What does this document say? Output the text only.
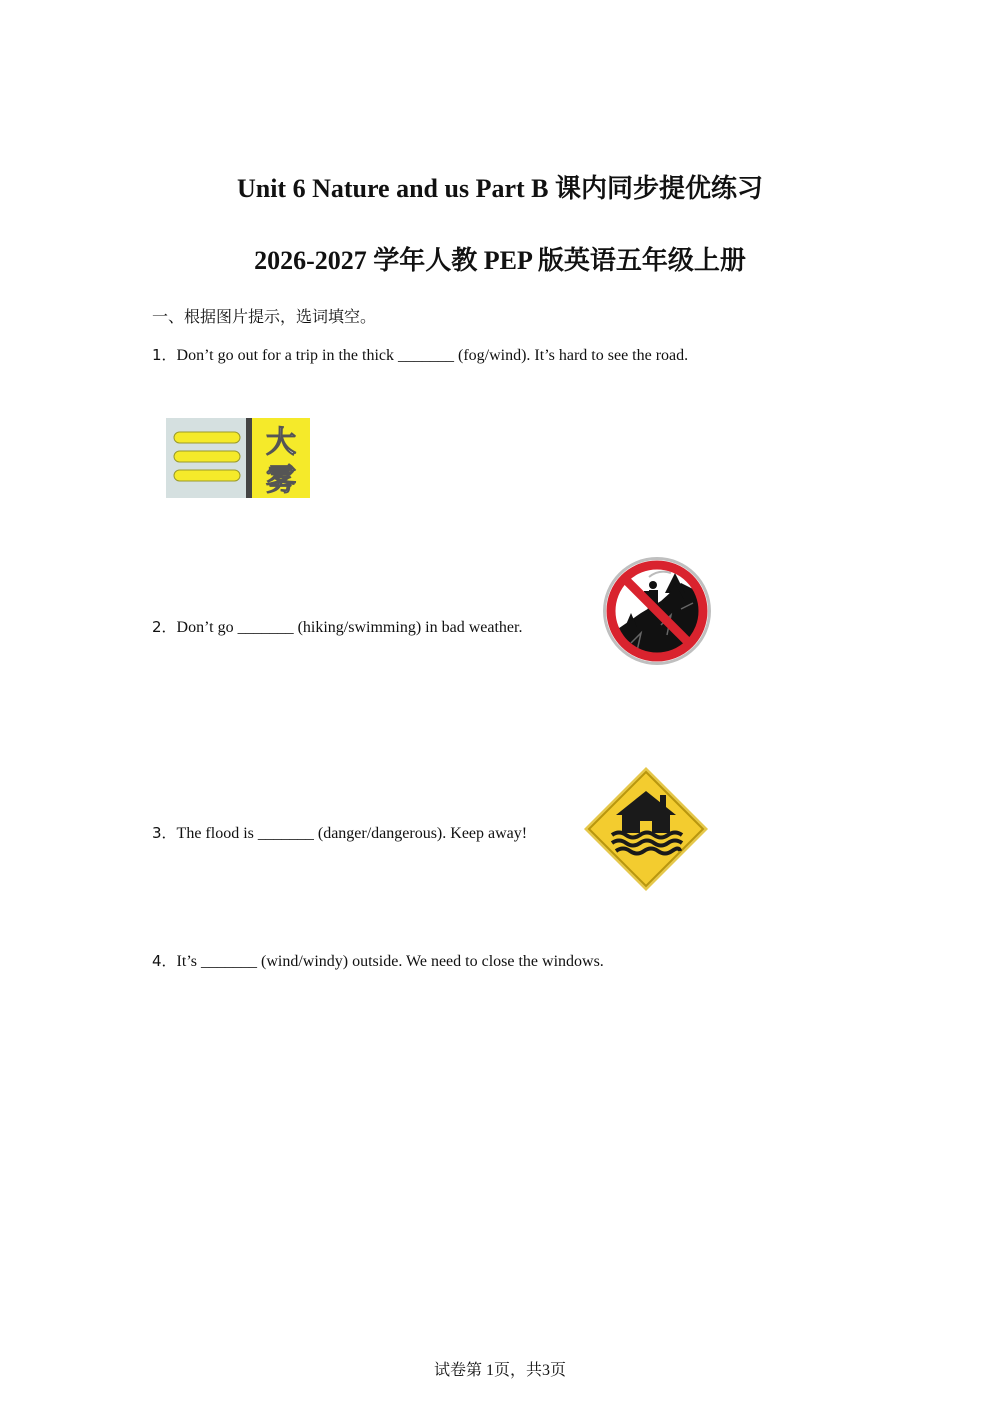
Unit 6 Nature and us Part B 课内同步提优练习
2026-2027 学年人教 PEP 版英语五年级上册
一、根据图片提示，选词填空。
1．Don’t go out for a trip in the thick _______ (fog/wind). It’s hard to see the road.
大
雾
2．Don’t go _______ (hiking/swimming) in bad weather.
3．The flood is _______ (danger/dangerous). Keep away!
4．It’s _______ (wind/windy) outside. We need to close the windows.
试卷第 1页，共3页
